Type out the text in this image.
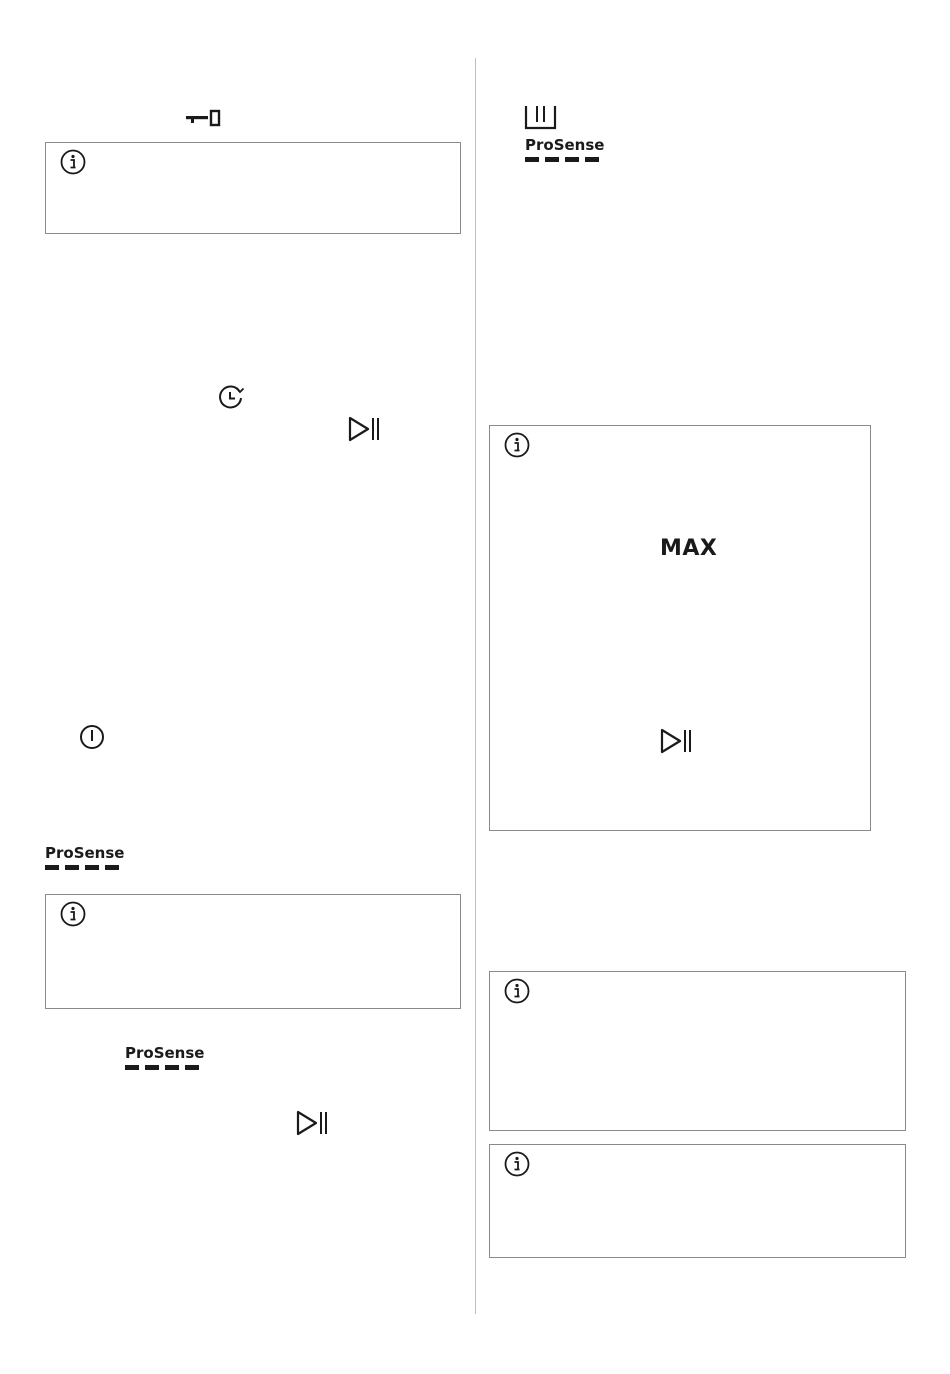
ProSense
ProSense
ProSense
MAX
